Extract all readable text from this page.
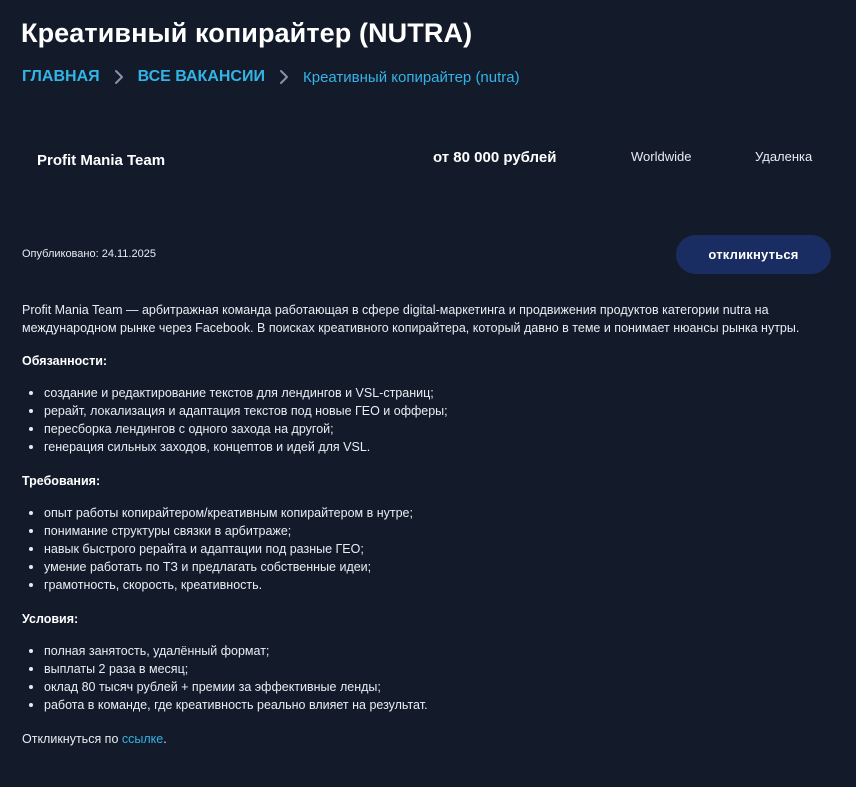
Креативный копирайтер (NUTRA)
ГЛАВНАЯ ВСЕ ВАКАНСИИ	Креативный копирайтер (nutra)
Profit Mania Team	от 80 000 рублей	Worldwide	Удаленка
Опубликовано: 24.11.2025	откликнуться

Profit Mania Team — арбитражная команда работающая в сфере digital-маркетинга и продвижения продуктов категории nutra на международном рынке через Facebook. В поисках креативного копирайтера, который давно в теме и понимает нюансы рынка нутры.

Обязанности:
создание и редактирование текстов для лендингов и VSL-страниц;
рерайт, локализация и адаптация текстов под новые ГЕО и офферы;
пересборка лендингов с одного захода на другой;
генерация сильных заходов, концептов и идей для VSL.
Требования:
опыт работы копирайтером/креативным копирайтером в нутре;
понимание структуры связки в арбитраже;
навык быстрого рерайта и адаптации под разные ГЕО;
умение работать по ТЗ и предлагать собственные идеи;
грамотность, скорость, креативность.
Условия:
полная занятость, удалённый формат;
выплаты 2 раза в месяц;
оклад 80 тысяч рублей + премии за эффективные ленды;
работа в команде, где креативность реально влияет на результат.

Откликнуться по ссылке.
